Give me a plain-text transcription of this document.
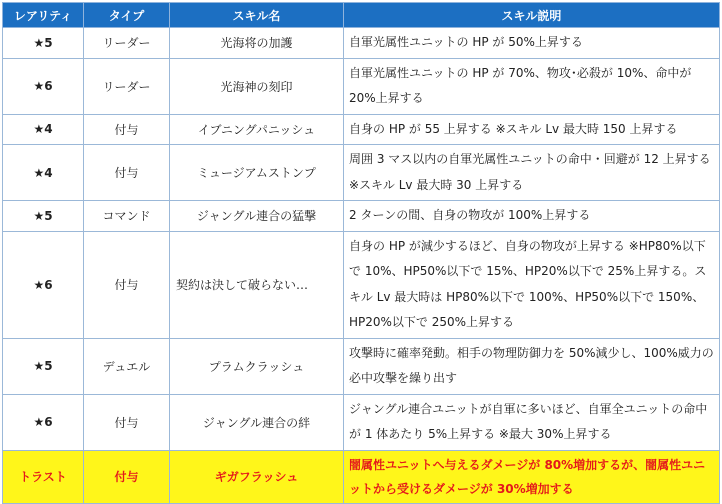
レアリティ	タイプ	スキル名	スキル説明
★5	リーダー	光海将の加護	自軍光属性ユニットの HP が 50%上昇する
★6	リーダー	光海神の刻印	自軍光属性ユニットの HP が 70%、物攻･必殺が 10%、命中が 20%上昇する
★4	付与	イブニングパニッシュ	自身の HP が 55 上昇する ※スキル Lv 最大時 150 上昇する
★4	付与	ミュージアムストンプ	周囲 3 マス以内の自軍光属性ユニットの命中・回避が 12 上昇する ※スキル Lv 最大時 30 上昇する
★5	コマンド	ジャングル連合の猛撃	2 ターンの間、自身の物攻が 100%上昇する
★6	付与	契約は決して破らない…	自身の HP が減少するほど、自身の物攻が上昇する ※HP80%以下で 10%、HP50%以下で 15%、HP20%以下で 25%上昇する。スキル Lv 最大時は HP80%以下で 100%、HP50%以下で 150%、HP20%以下で 250%上昇する
★5	デュエル	プラムクラッシュ	攻撃時に確率発動。相手の物理防御力を 50%減少し、100%威力の必中攻撃を繰り出す
★6	付与	ジャングル連合の絆	ジャングル連合ユニットが自軍に多いほど、自軍全ユニットの命中が 1 体あたり 5%上昇する ※最大 30%上昇する
トラスト	付与	ギガフラッシュ	闇属性ユニットへ与えるダメージが 80%増加するが、闇属性ユニットから受けるダメージが 30%増加する
